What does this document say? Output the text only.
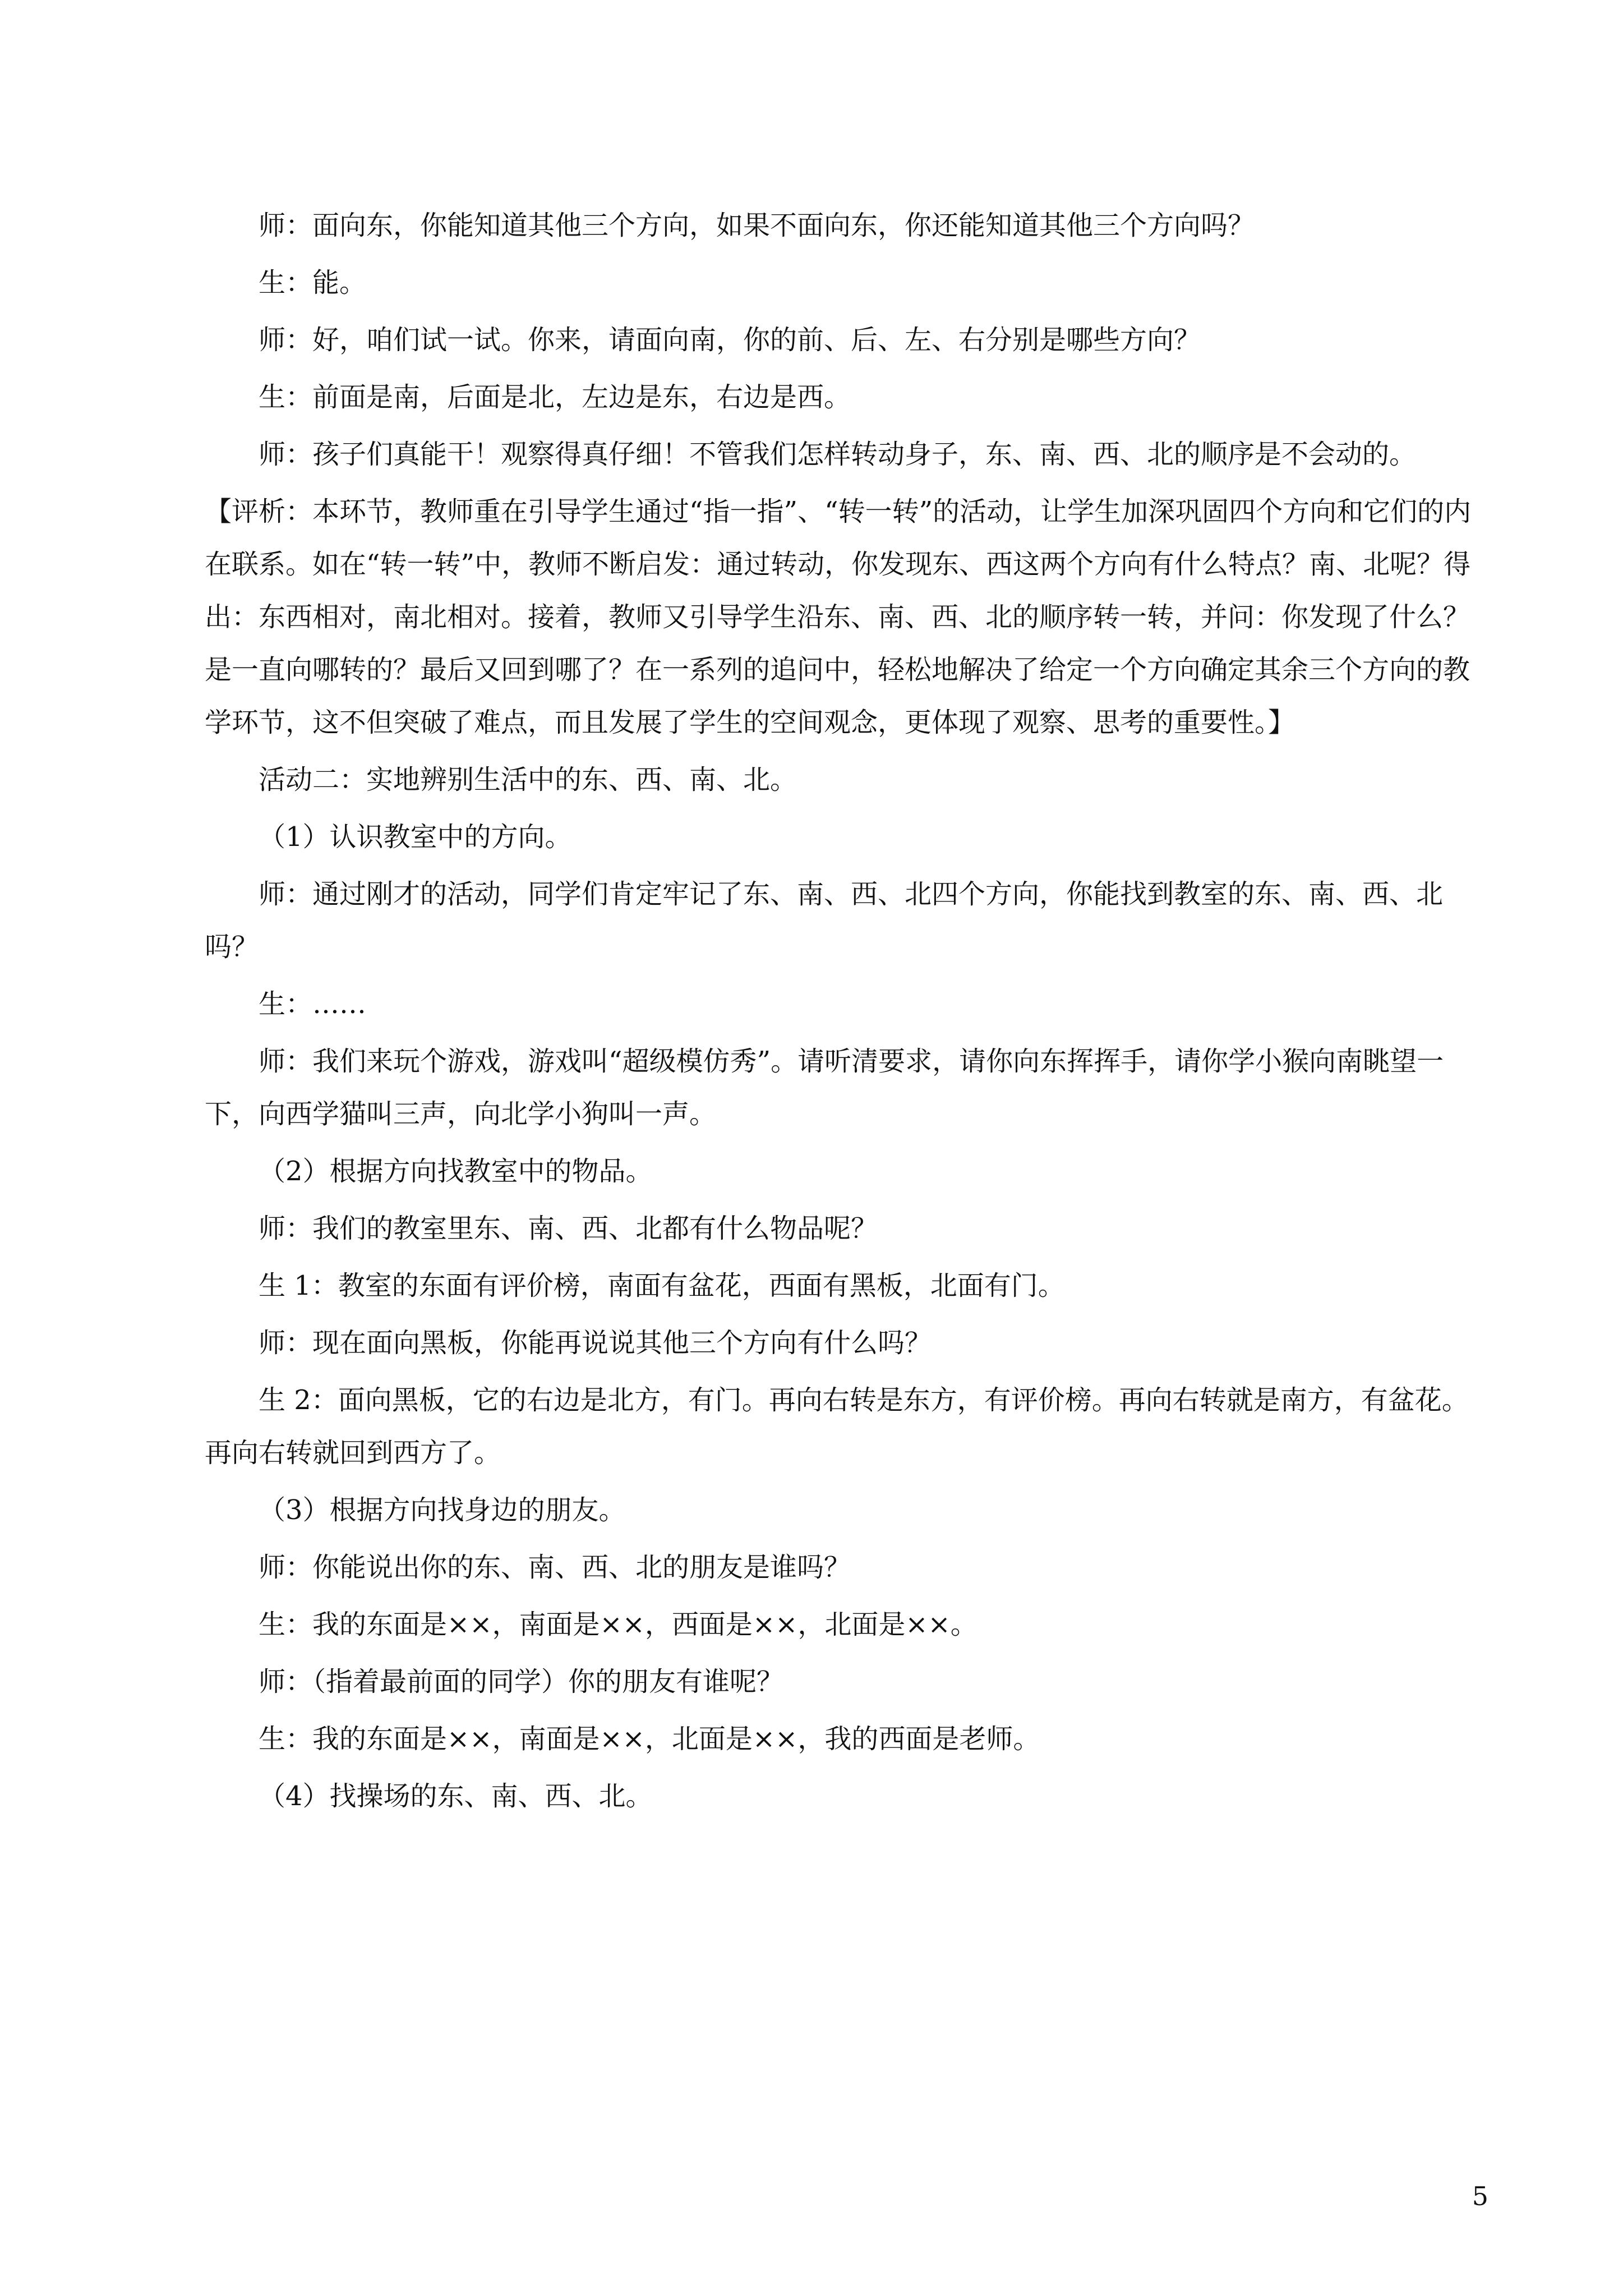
师：面向东，你能知道其他三个方向，如果不面向东，你还能知道其他三个方向吗？

生：能。

师：好，咱们试一试。你来，请面向南，你的前、后、左、右分别是哪些方向？

生：前面是南，后面是北，左边是东，右边是西。

师：孩子们真能干！观察得真仔细！不管我们怎样转动身子，东、南、西、北的顺序是不会动的。

【评析：本环节，教师重在引导学生通过“指一指”、“转一转”的活动，让学生加深巩固四个方向和它们的内在联系。如在“转一转”中，教师不断启发：通过转动，你发现东、西这两个方向有什么特点？南、北呢？得出：东西相对，南北相对。接着，教师又引导学生沿东、南、西、北的顺序转一转，并问：你发现了什么？是一直向哪转的？最后又回到哪了？在一系列的追问中，轻松地解决了给定一个方向确定其余三个方向的教学环节，这不但突破了难点，而且发展了学生的空间观念，更体现了观察、思考的重要性。】

活动二：实地辨别生活中的东、西、南、北。

（1）认识教室中的方向。

师：通过刚才的活动，同学们肯定牢记了东、南、西、北四个方向，你能找到教室的东、南、西、北吗？

生：……

师：我们来玩个游戏，游戏叫“超级模仿秀”。请听清要求，请你向东挥挥手，请你学小猴向南眺望一下，向西学猫叫三声，向北学小狗叫一声。

（2）根据方向找教室中的物品。

师：我们的教室里东、南、西、北都有什么物品呢？

生 1：教室的东面有评价榜，南面有盆花，西面有黑板，北面有门。

师：现在面向黑板，你能再说说其他三个方向有什么吗？

生 2：面向黑板，它的右边是北方，有门。再向右转是东方，有评价榜。再向右转就是南方，有盆花。再向右转就回到西方了。

（3）根据方向找身边的朋友。

师：你能说出你的东、南、西、北的朋友是谁吗？

生：我的东面是××，南面是××，西面是××，北面是××。

师：（指着最前面的同学）你的朋友有谁呢？

生：我的东面是××，南面是××，北面是××，我的西面是老师。

（4）找操场的东、南、西、北。

5
